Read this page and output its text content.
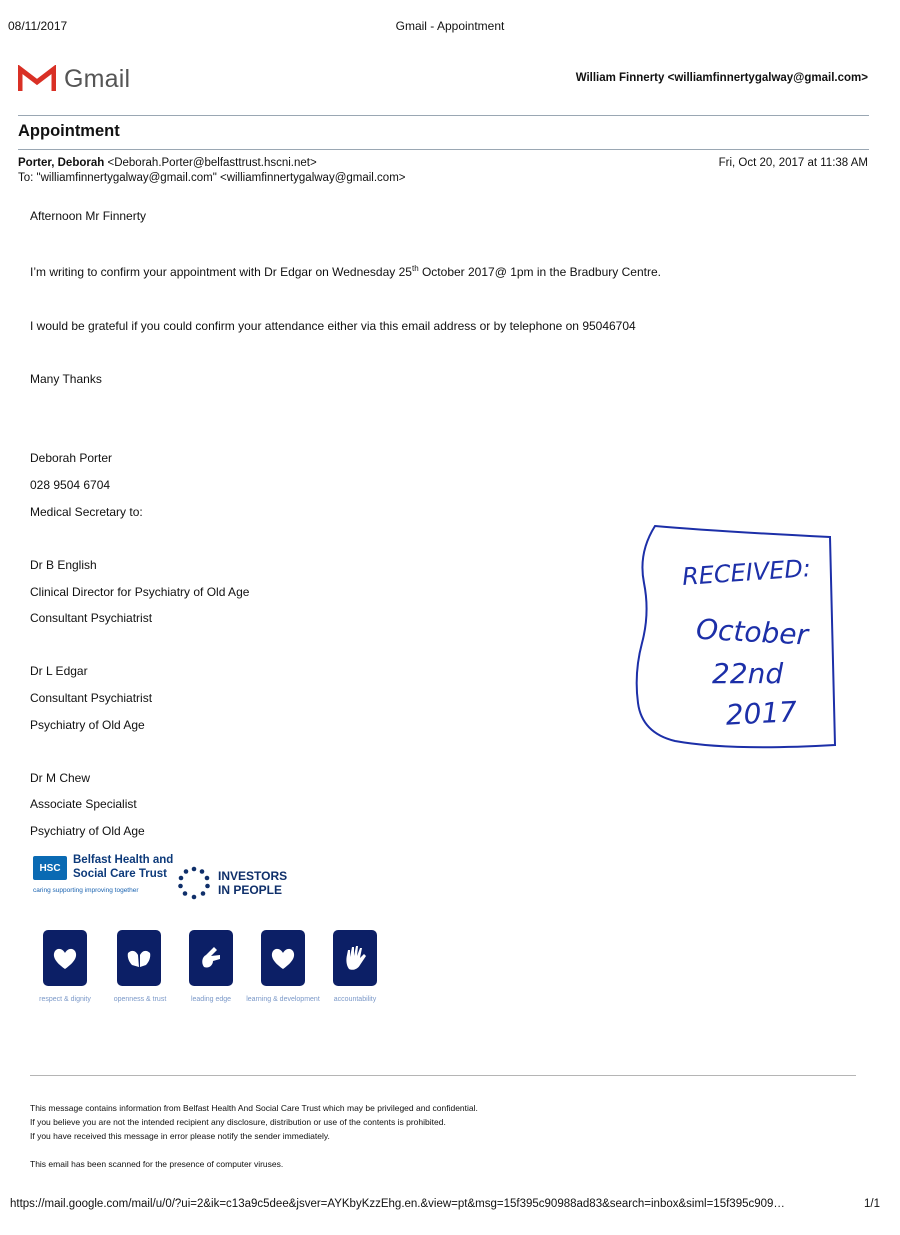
08/11/2017	Gmail - Appointment
Gmail	William Finnerty <williamfinnertygalway@gmail.com>
Appointment
Porter, Deborah <Deborah.Porter@belfasttrust.hscni.net>
To: "williamfinnertygalway@gmail.com" <williamfinnertygalway@gmail.com>
Fri, Oct 20, 2017 at 11:38 AM
Afternoon Mr Finnerty
I’m writing to confirm your appointment with Dr Edgar on Wednesday 25th October 2017@ 1pm in the Bradbury Centre.
I would be grateful if you could confirm your attendance either via this email address or by telephone on 95046704
Many Thanks
Deborah Porter
028 9504 6704
Medical Secretary to:
Dr B English
Clinical Director for Psychiatry of Old Age
Consultant Psychiatrist
Dr L Edgar
Consultant Psychiatrist
Psychiatry of Old Age
Dr M Chew
Associate Specialist
Psychiatry of Old Age
HSC
Belfast Health and
Social Care Trust
caring supporting improving together
INVESTORS
IN PEOPLE
respect & dignity	openness & trust	leading edge	learning & development	accountability
RECEIVED:
October
22nd
2017
This message contains information from Belfast Health And Social Care Trust which may be privileged and confidential.
If you believe you are not the intended recipient any disclosure, distribution or use of the contents is prohibited.
If you have received this message in error please notify the sender immediately.
This email has been scanned for the presence of computer viruses.
https://mail.google.com/mail/u/0/?ui=2&ik=c13a9c5dee&jsver=AYKbyKzzEhg.en.&view=pt&msg=15f395c90988ad83&search=inbox&siml=15f395c909…	1/1
